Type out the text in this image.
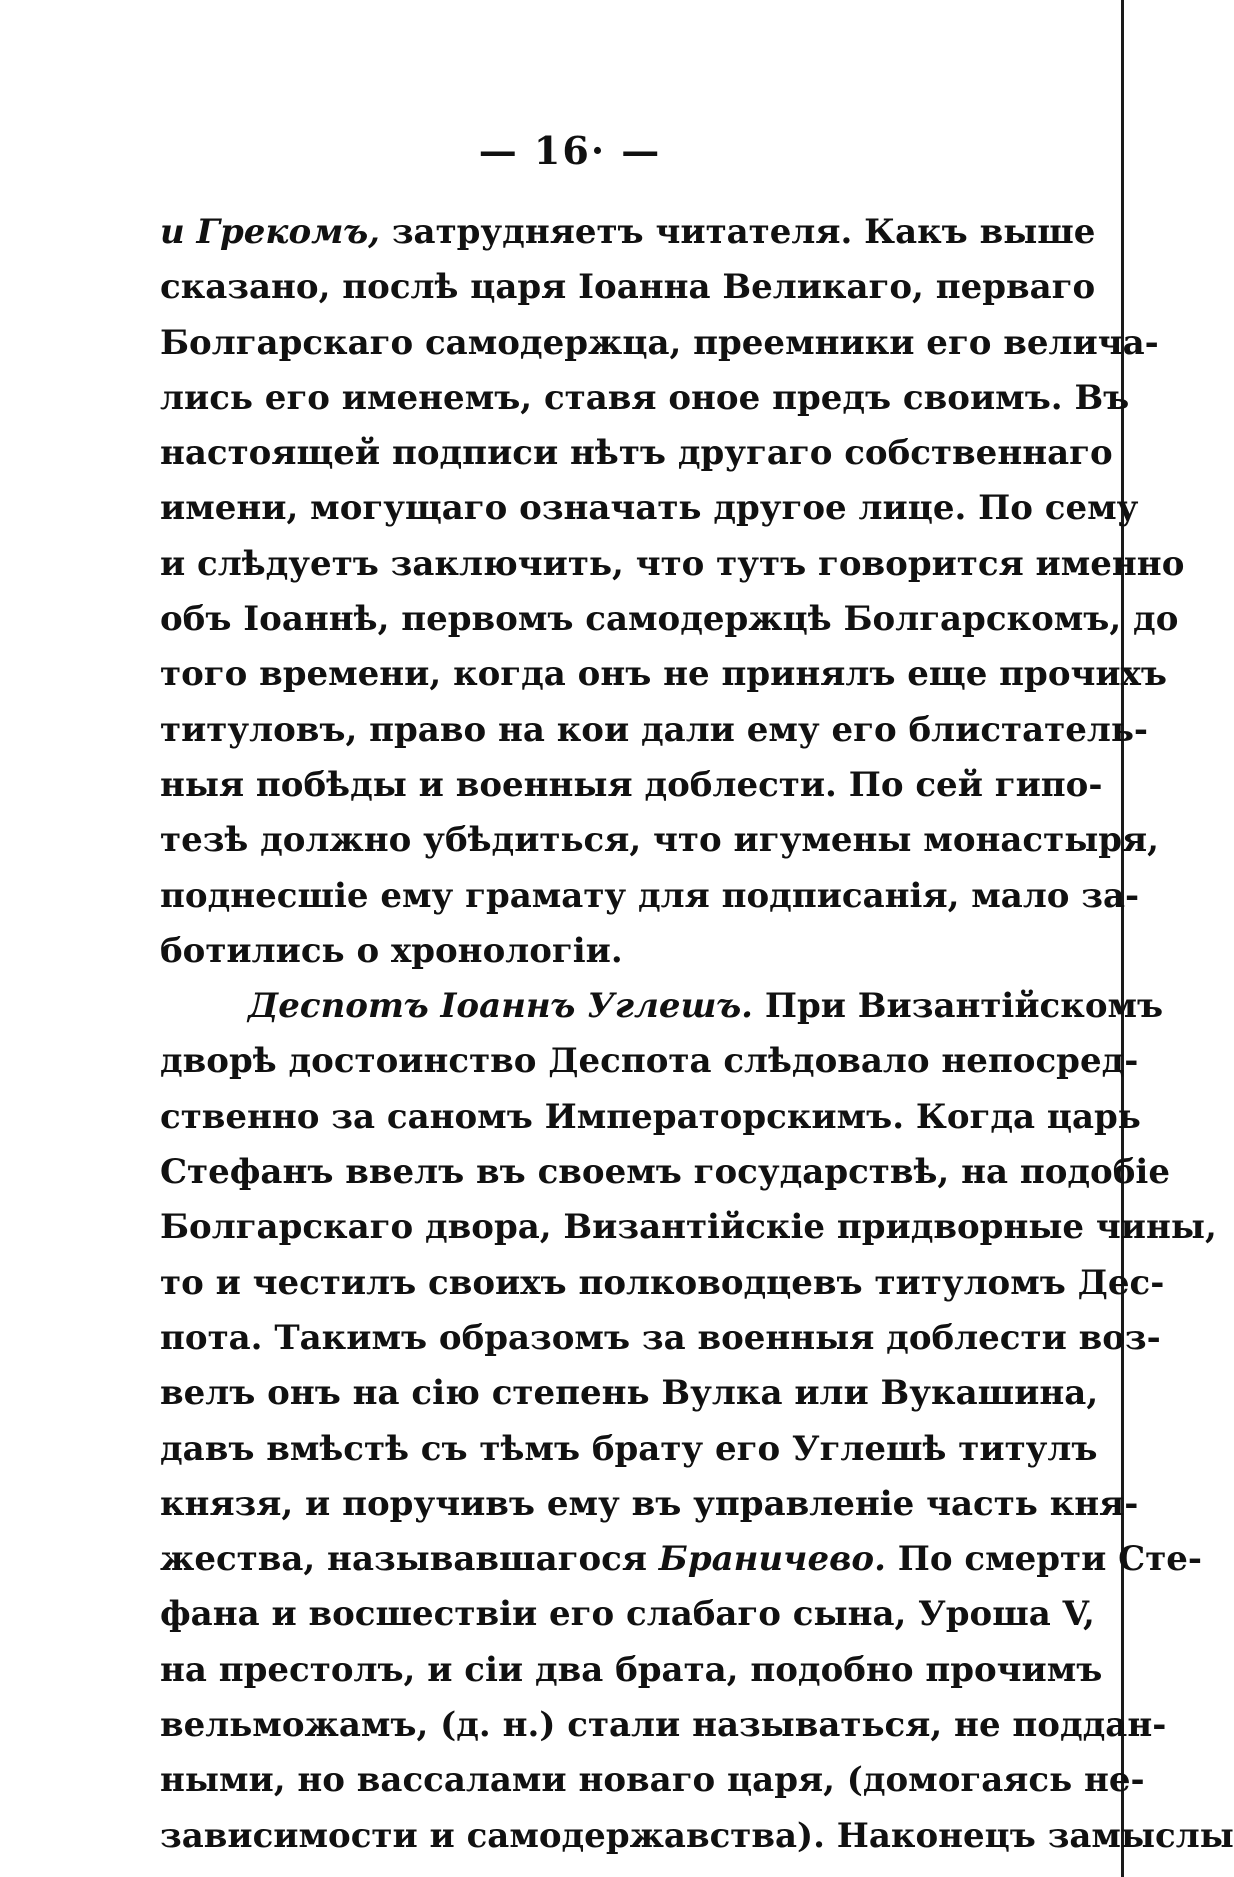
— 16· —
и Грекомъ, затрудняетъ читателя. Какъ выше
сказано, послѣ царя Іоанна Великаго, перваго
Болгарскаго самодержца, преемники его велича-
лись его именемъ, ставя оное предъ своимъ. Въ
настоящей подписи нѣтъ другаго собственнаго
имени, могущаго означать другое лице. По сему
и слѣдуетъ заключить, что тутъ говорится именно
объ Іоаннѣ, первомъ самодержцѣ Болгарскомъ, до
того времени, когда онъ не принялъ еще прочихъ
титуловъ, право на кои дали ему его блиcтатель-
ныя побѣды и военныя доблести. По сей гипо-
тезѣ должно убѣдиться, что игумены монастыря,
поднесшіе ему грамату для подписанія, мало за-
ботились о хронологіи.
Деспотъ Іоаннъ Углешъ. При Византійскомъ
дворѣ достоинство Деспота слѣдовало непосред-
ственно за саномъ Императорскимъ. Когда царь
Стефанъ ввелъ въ своемъ государствѣ, на подобіе
Болгарскаго двора, Византійскіе придворные чины,
то и честилъ своихъ полководцевъ титуломъ Дес-
пота. Такимъ образомъ за военныя доблести воз-
велъ онъ на сію степень Вулка или Вукашина,
давъ вмѣстѣ съ тѣмъ брату его Углешѣ титулъ
князя, и поручивъ ему въ управленіе часть кня-
жества, называвшагося Браничево. По смерти Сте-
фана и восшествіи его слабаго сына, Уроша V,
на престолъ, и сіи два брата, подобно прочимъ
вельможамъ, (д. н.) стали называться, не поддан-
ными, но вассалами новаго царя, (домогаясь не-
зависимости и самодержавства). Наконецъ замыслы
